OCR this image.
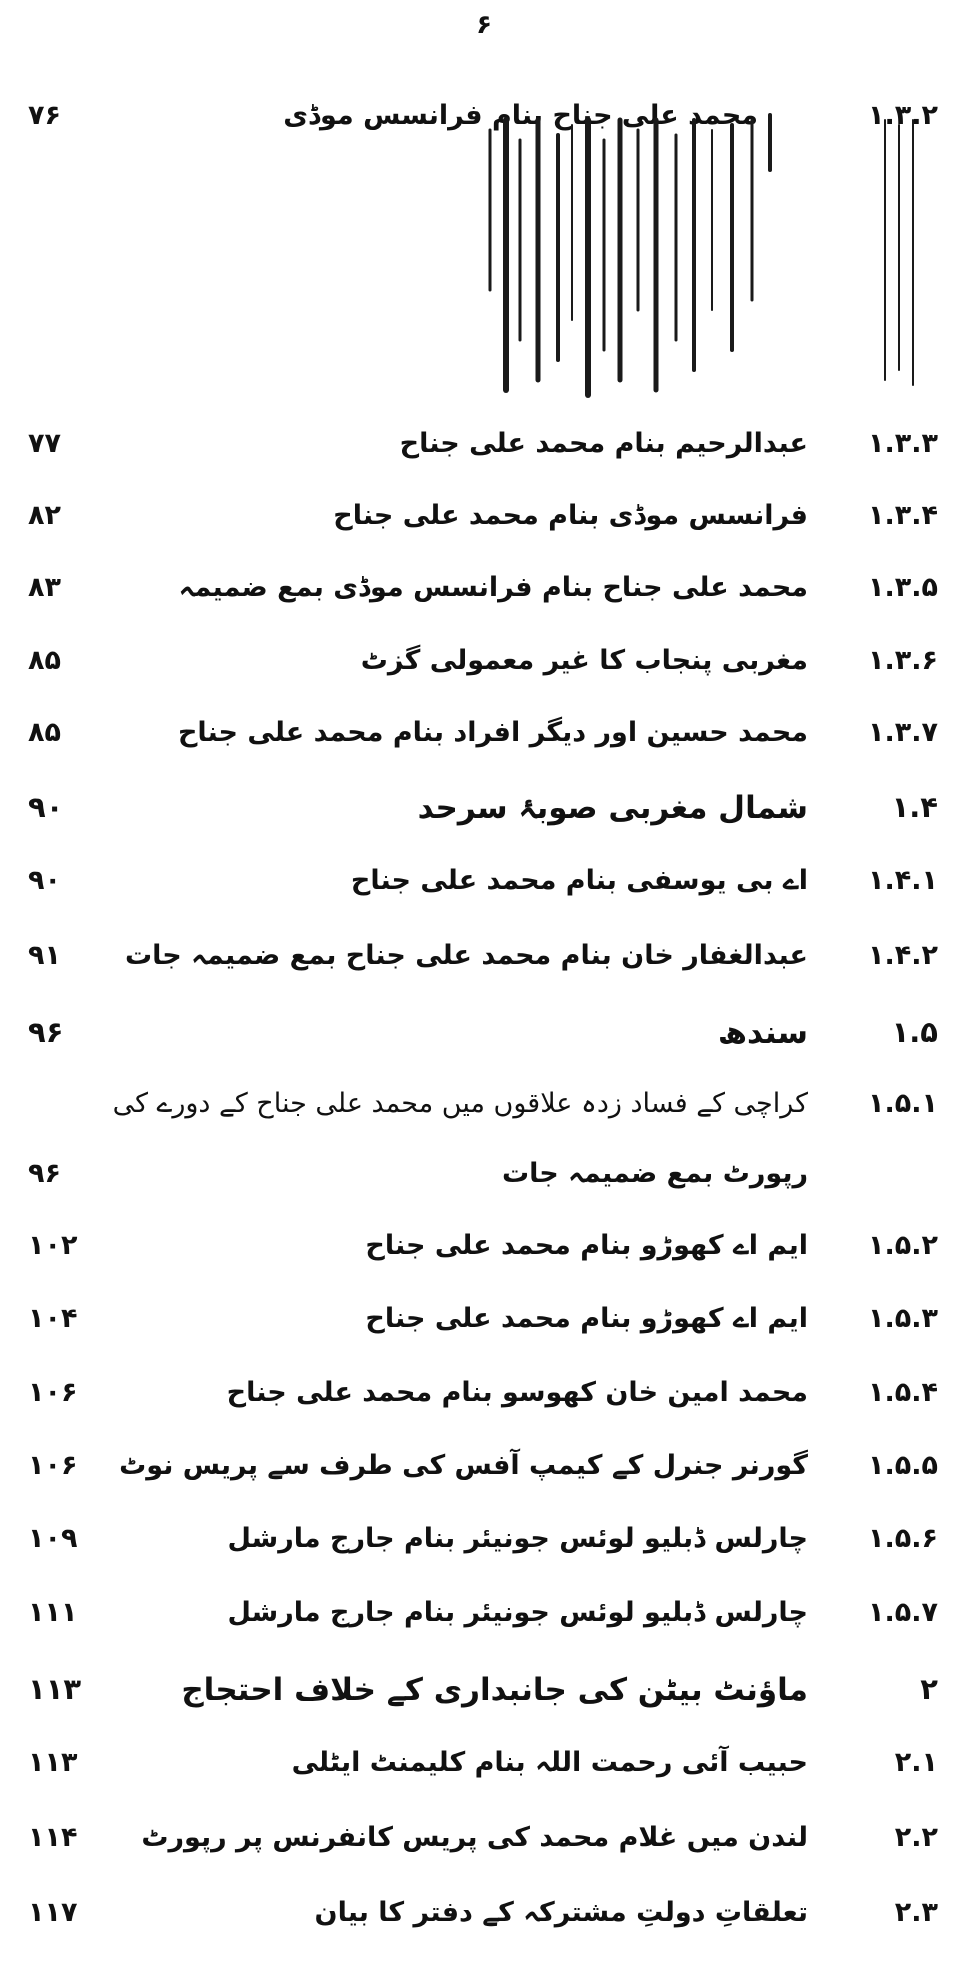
۶
۱.۳.۲
محمد علی جناح بنام فرانسس موڈی
۷۶
۱.۳.۳
عبدالرحیم بنام محمد علی جناح
۷۷
۱.۳.۴
فرانسس موڈی بنام محمد علی جناح
۸۲
۱.۳.۵
محمد علی جناح بنام فرانسس موڈی بمع ضمیمہ
۸۳
۱.۳.۶
مغربی پنجاب کا غیر معمولی گزٹ
۸۵
۱.۳.۷
محمد حسین اور دیگر افراد بنام محمد علی جناح
۸۵
۱.۴
شمال مغربی صوبۂ سرحد
۹۰
۱.۴.۱
اے بی یوسفی بنام محمد علی جناح
۹۰
۱.۴.۲
عبدالغفار خان بنام محمد علی جناح بمع ضمیمہ جات
۹۱
۱.۵
سندھ
۹۶
۱.۵.۱
کراچی کے فساد زدہ علاقوں میں محمد علی جناح کے دورے کی
رپورٹ بمع ضمیمہ جات
۹۶
۱.۵.۲
ایم اے کھوڑو بنام محمد علی جناح
۱۰۲
۱.۵.۳
ایم اے کھوڑو بنام محمد علی جناح
۱۰۴
۱.۵.۴
محمد امین خان کھوسو بنام محمد علی جناح
۱۰۶
۱.۵.۵
گورنر جنرل کے کیمپ آفس کی طرف سے پریس نوٹ
۱۰۶
۱.۵.۶
چارلس ڈبلیو لوئس جونیئر بنام جارج مارشل
۱۰۹
۱.۵.۷
چارلس ڈبلیو لوئس جونیئر بنام جارج مارشل
۱۱۱
۲
ماؤنٹ بیٹن کی جانبداری کے خلاف احتجاج
۱۱۳
۲.۱
حبیب آئی رحمت اللہ بنام کلیمنٹ ایٹلی
۱۱۳
۲.۲
لندن میں غلام محمد کی پریس کانفرنس پر رپورٹ
۱۱۴
۲.۳
تعلقاتِ دولتِ مشترکہ کے دفتر کا بیان
۱۱۷
